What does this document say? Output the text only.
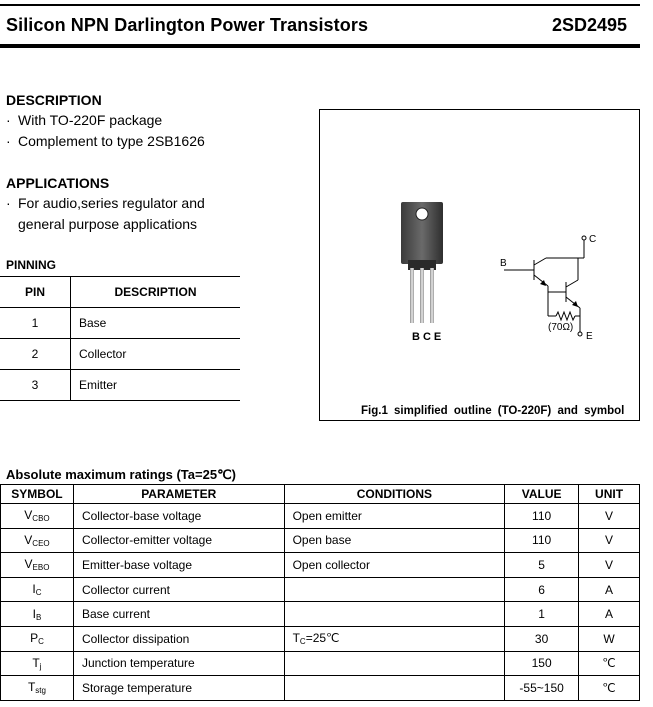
Silicon NPN Darlington Power Transistors	2SD2495
DESCRIPTION
· With TO-220F package
· Complement to type 2SB1626
APPLICATIONS
· For audio,series regulator and
general purpose applications
PINNING
PIN	DESCRIPTION
1	Base
2	Collector
3	Emitter
BCE
B
C
E
(70Ω)
Fig.1 simplified outline (TO-220F) and symbol
Absolute maximum ratings (Ta=25℃)
SYMBOL	PARAMETER	CONDITIONS	VALUE	UNIT
$V_{CBO}$	Collector-base voltage	Open emitter	110	V
$V_{CEO}$	Collector-emitter voltage	Open base	110	V
$V_{EBO}$	Emitter-base voltage	Open collector	5	V
$I_C$	Collector current		6	A
$I_B$	Base current		1	A
$P_C$	Collector dissipation	$T_C=25℃$	30	W
$T_j$	Junction temperature		150	℃
$T_{stg}$	Storage temperature		-55~150	℃
